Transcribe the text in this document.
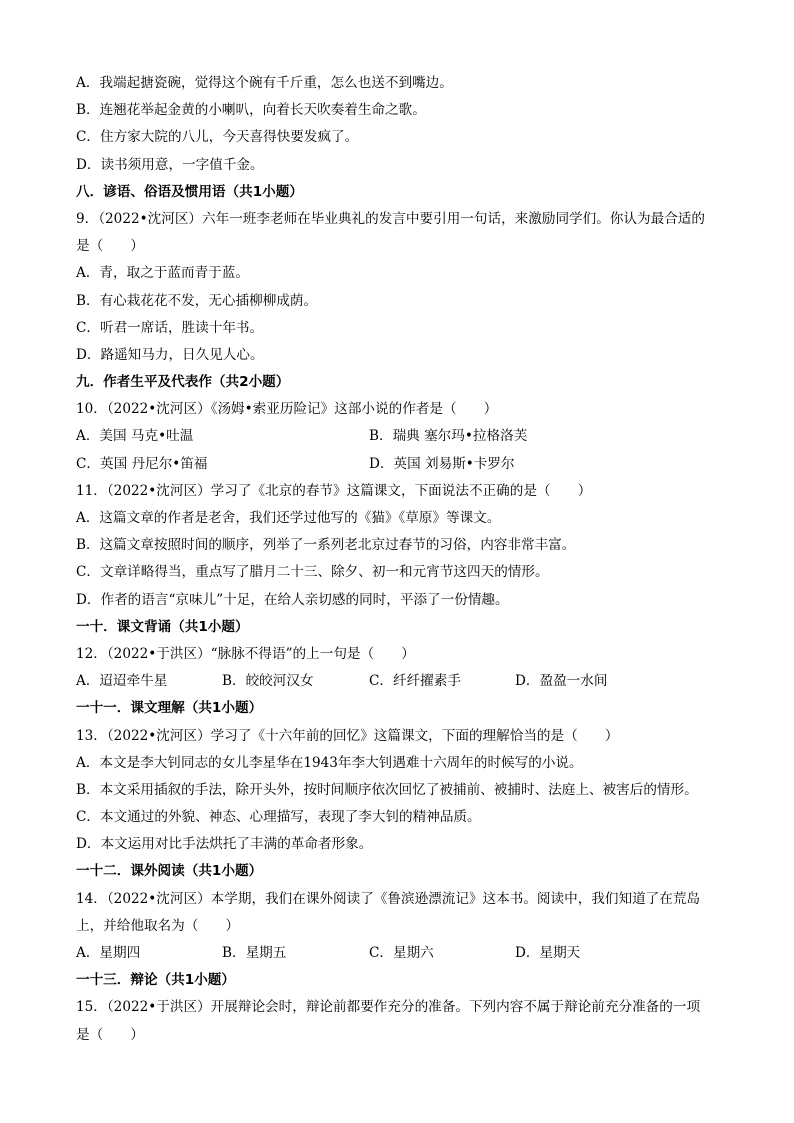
A．我端起搪瓷碗，觉得这个碗有千斤重，怎么也送不到嘴边。
B．连翘花举起金黄的小喇叭，向着长天吹奏着生命之歌。
C．住方家大院的八儿，今天喜得快要发疯了。
D．读书须用意，一字值千金。
八．谚语、俗语及惯用语（共1小题）
9．（2022•沈河区）六年一班李老师在毕业典礼的发言中要引用一句话，来激励同学们。你认为最合适的
是（　　）
A．青，取之于蓝而青于蓝。
B．有心栽花花不发，无心插柳柳成荫。
C．听君一席话，胜读十年书。
D．路遥知马力，日久见人心。
九．作者生平及代表作（共2小题）
10．（2022•沈河区）《汤姆•索亚历险记》这部小说的作者是（　　）
A．美国 马克•吐温	B．瑞典 塞尔玛•拉格洛芙
C．英国 丹尼尔•笛福	D．英国 刘易斯•卡罗尔
11．（2022•沈河区）学习了《北京的春节》这篇课文，下面说法不正确的是（　　）
A．这篇文章的作者是老舍，我们还学过他写的《猫》《草原》等课文。
B．这篇文章按照时间的顺序，列举了一系列老北京过春节的习俗，内容非常丰富。
C．文章详略得当，重点写了腊月二十三、除夕、初一和元宵节这四天的情形。
D．作者的语言“京味儿”十足，在给人亲切感的同时，平添了一份情趣。
一十．课文背诵（共1小题）
12．（2022•于洪区）“脉脉不得语”的上一句是（　　）
A．迢迢牵牛星	B．皎皎河汉女	C．纤纤擢素手	D．盈盈一水间
一十一．课文理解（共1小题）
13．（2022•沈河区）学习了《十六年前的回忆》这篇课文，下面的理解恰当的是（　　）
A．本文是李大钊同志的女儿李星华在1943年李大钊遇难十六周年的时候写的小说。
B．本文采用插叙的手法，除开头外，按时间顺序依次回忆了被捕前、被捕时、法庭上、被害后的情形。
C．本文通过的外貌、神态、心理描写，表现了李大钊的精神品质。
D．本文运用对比手法烘托了丰满的革命者形象。
一十二．课外阅读（共1小题）
14．（2022•沈河区）本学期，我们在课外阅读了《鲁滨逊漂流记》这本书。阅读中，我们知道了在荒岛
上，并给他取名为（　　）
A．星期四	B．星期五	C．星期六	D．星期天
一十三．辩论（共1小题）
15．（2022•于洪区）开展辩论会时，辩论前都要作充分的准备。下列内容不属于辩论前充分准备的一项
是（　　）
